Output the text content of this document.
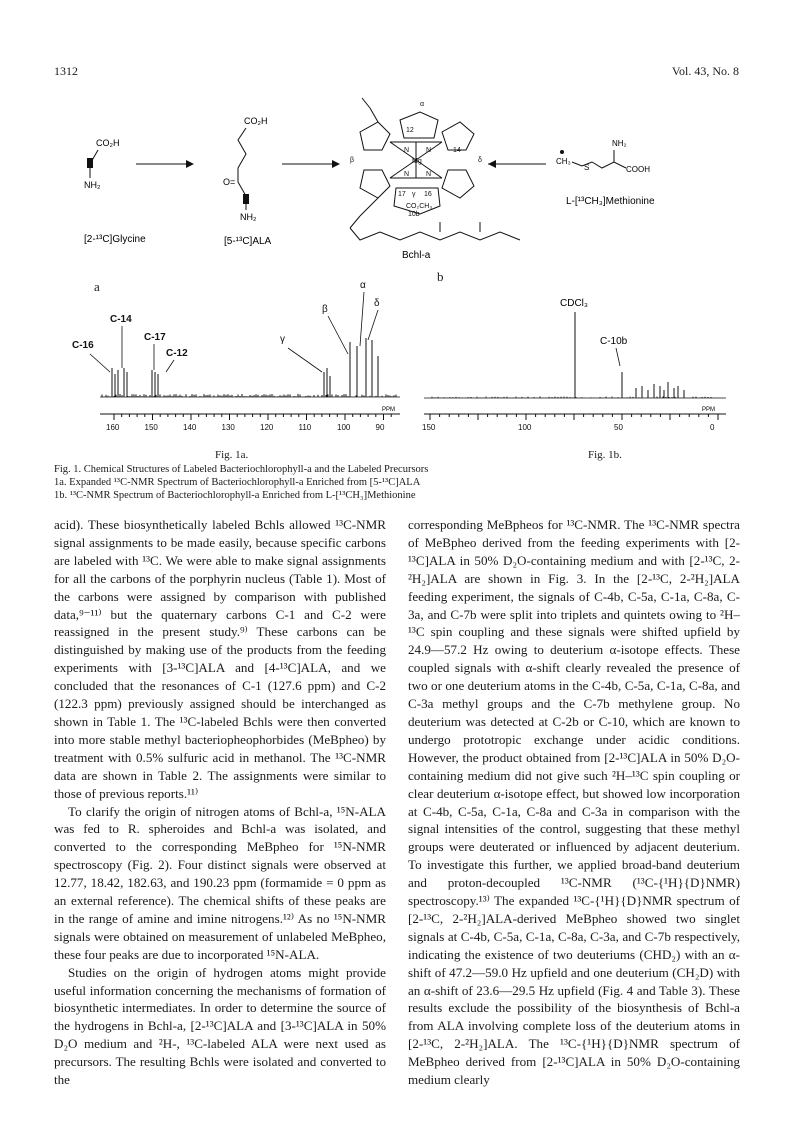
1312	Vol. 43, No. 8
CO₂H
NH₂
[2-¹³C]Glycine
CO₂H
O=
NH₂
[5-¹³C]ALA
12
α
14
β	δ
Mg
N N
N N
17 γ 16
CO₂CH₃
10b
Bchl-a
CH₃
S
NH₂
COOH
L-[¹³CH₃]Methionine
a
160	150	140	130	120	110	100	90
PPM
C-16
C-14
C-17
C-12
γ
β
α
δ
Fig. 1a.
b
150	100	50	0
PPM
CDCl₃
C-10b
Fig. 1b.
Fig. 1. Chemical Structures of Labeled Bacteriochlorophyll-a and the Labeled Precursors
1a. Expanded ¹³C-NMR Spectrum of Bacteriochlorophyll-a Enriched from [5-¹³C]ALA
1b. ¹³C-NMR Spectrum of Bacteriochlorophyll-a Enriched from L-[¹³CH₃]Methionine

acid). These biosynthetically labeled Bchls allowed ¹³C-NMR signal assignments to be made easily, because specific carbons are labeled with ¹³C. We were able to make signal assignments for all the carbons of the porphyrin nucleus (Table 1). Most of the carbons were assigned by comparison with published data,⁹⁻¹¹⁾ but the quaternary carbons C-1 and C-2 were reassigned in the present study.⁹⁾ These carbons can be distinguished by making use of the products from the feeding experiments with [3-¹³C]ALA and [4-¹³C]ALA, and we concluded that the resonances of C-1 (127.6 ppm) and C-2 (122.3 ppm) previously assigned should be interchanged as shown in Table 1. The ¹³C-labeled Bchls were then converted into more stable methyl bacteriopheophorbides (MeBpheo) by treatment with 0.5% sulfuric acid in methanol. The ¹³C-NMR data are shown in Table 2. The assignments were similar to those of previous reports.¹¹⁾

To clarify the origin of nitrogen atoms of Bchl-a, ¹⁵N-ALA was fed to R. spheroides and Bchl-a was isolated, and converted to the corresponding MeBpheo for ¹⁵N-NMR spectroscopy (Fig. 2). Four distinct signals were observed at 12.77, 18.42, 182.63, and 190.23 ppm (formamide = 0 ppm as an external reference). The chemical shifts of these peaks are in the range of amine and imine nitrogens.¹²⁾ As no ¹⁵N-NMR signals were obtained on measurement of unlabeled MeBpheo, these four peaks are due to incorporated ¹⁵N-ALA.

Studies on the origin of hydrogen atoms might provide useful information concerning the mechanisms of formation of biosynthetic intermediates. In order to determine the source of the hydrogens in Bchl-a, [2-¹³C]ALA and [3-¹³C]ALA in 50% D₂O medium and ²H-, ¹³C-labeled ALA were next used as precursors. The resulting Bchls were isolated and converted to the

corresponding MeBpheos for ¹³C-NMR. The ¹³C-NMR spectra of MeBpheo derived from the feeding experiments with [2-¹³C]ALA in 50% D₂O-containing medium and with [2-¹³C, 2-²H₂]ALA are shown in Fig. 3. In the [2-¹³C, 2-²H₂]ALA feeding experiment, the signals of C-4b, C-5a, C-1a, C-8a, C-3a, and C-7b were split into triplets and quintets owing to ²H–¹³C spin coupling and these signals were shifted upfield by 24.9—57.2 Hz owing to deuterium α-isotope effects. These coupled signals with α-shift clearly revealed the presence of two or one deuterium atoms in the C-4b, C-5a, C-1a, C-8a, and C-3a methyl groups and the C-7b methylene group. No deuterium was detected at C-2b or C-10, which are known to undergo prototropic exchange under acidic conditions. However, the product obtained from [2-¹³C]ALA in 50% D₂O-containing medium did not give such ²H–¹³C spin coupling or clear deuterium α-isotope effect, but showed low incorporation at C-4b, C-5a, C-1a, C-8a and C-3a in comparison with the signal intensities of the control, suggesting that these methyl groups were deuterated or influenced by adjacent deuterium. To investigate this further, we applied broad-band deuterium and proton-decoupled ¹³C-NMR (¹³C-{¹H}{D}NMR) spectroscopy.¹³⁾ The expanded ¹³C-{¹H}{D}NMR spectrum of [2-¹³C, 2-²H₂]ALA-derived MeBpheo showed two singlet signals at C-4b, C-5a, C-1a, C-8a, C-3a, and C-7b respectively, indicating the existence of two deuteriums (CHD₂) with an α-shift of 47.2—59.0 Hz upfield and one deuterium (CH₂D) with an α-shift of 23.6—29.5 Hz upfield (Fig. 4 and Table 3). These results exclude the possibility of the biosynthesis of Bchl-a from ALA involving complete loss of the deuterium atoms in [2-¹³C, 2-²H₂]ALA. The ¹³C-{¹H}{D}NMR spectrum of MeBpheo derived from [2-¹³C]ALA in 50% D₂O-containing medium clearly
